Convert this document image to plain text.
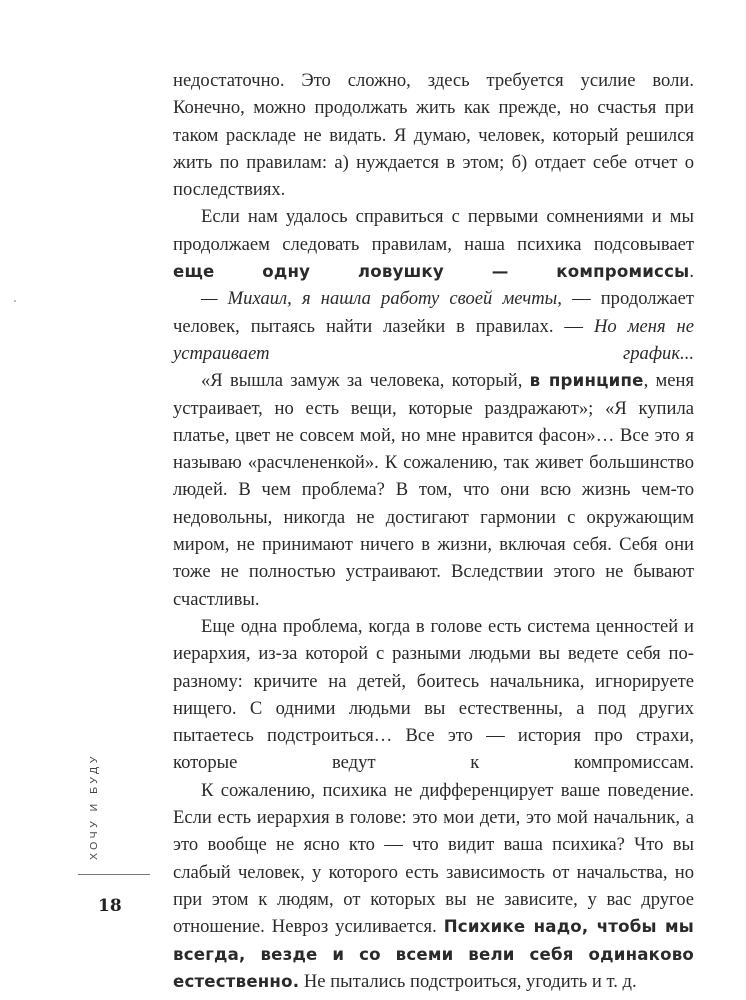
недостаточно. Это сложно, здесь требуется усилие воли. Конечно, можно продолжать жить как прежде, но счастья при таком раскладе не видать. Я думаю, человек, который решился жить по правилам: а) нуждается в этом; б) отдает себе отчет о последствиях.

Если нам удалось справиться с первыми сомнениями и мы продолжаем следовать правилам, наша психика подсовывает еще одну ловушку — компромиссы.

— Михаил, я нашла работу своей мечты, — продолжает человек, пытаясь найти лазейки в правилах. — Но меня не устраивает график...

«Я вышла замуж за человека, который, в принципе, меня устраивает, но есть вещи, которые раздражают»; «Я купила платье, цвет не совсем мой, но мне нравится фасон»… Все это я называю «расчлененкой». К сожалению, так живет большинство людей. В чем проблема? В том, что они всю жизнь чем-то недовольны, никогда не достигают гармонии с окружающим миром, не принимают ничего в жизни, включая себя. Себя они тоже не полностью устраивают. Вследствии этого не бывают счастливы.

Еще одна проблема, когда в голове есть система ценностей и иерархия, из-за которой с разными людьми вы ведете себя по-разному: кричите на детей, боитесь начальника, игнорируете нищего. С одними людьми вы естественны, а под других пытаетесь подстроиться… Все это — история про страхи, которые ведут к компромиссам.

К сожалению, психика не дифференцирует ваше поведение. Если есть иерархия в голове: это мои дети, это мой начальник, а это вообще не ясно кто — что видит ваша психика? Что вы слабый человек, у которого есть зависимость от начальства, но при этом к людям, от которых вы не зависите, у вас другое отношение. Невроз усиливается. Психике надо, чтобы мы всегда, везде и со всеми вели себя одинаково естественно. Не пытались подстроиться, угодить и т. д.

ХОЧУ И БУДУ
18
